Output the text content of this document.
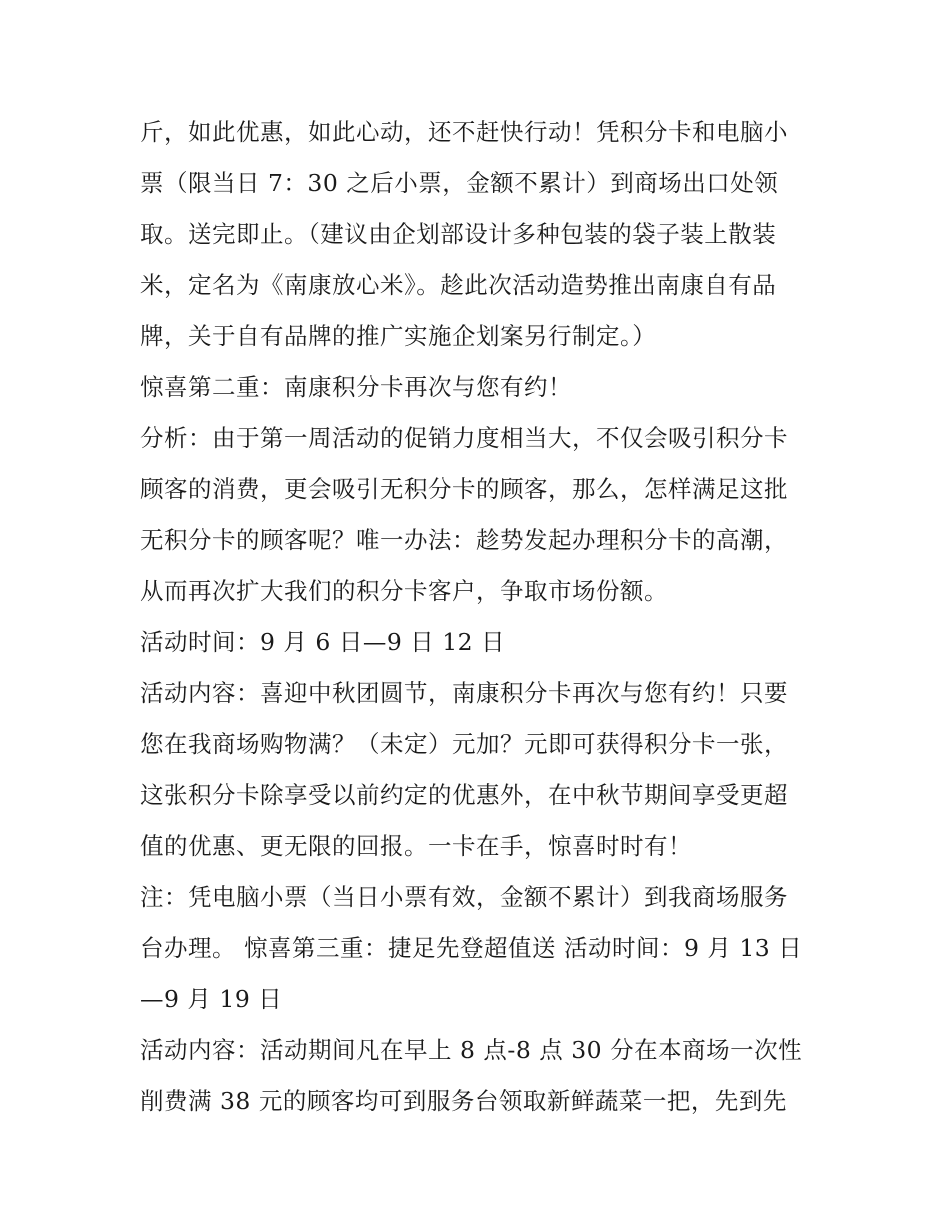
斤，如此优惠，如此心动，还不赶快行动！凭积分卡和电脑小
票（限当日 7：30 之后小票，金额不累计）到商场出口处领
取。送完即止。（建议由企划部设计多种包装的袋子装上散装
米，定名为《南康放心米》。趁此次活动造势推出南康自有品
牌，关于自有品牌的推广实施企划案另行制定。）
惊喜第二重：南康积分卡再次与您有约！
分析：由于第一周活动的促销力度相当大，不仅会吸引积分卡
顾客的消费，更会吸引无积分卡的顾客，那么，怎样满足这批
无积分卡的顾客呢？唯一办法：趁势发起办理积分卡的高潮，
从而再次扩大我们的积分卡客户，争取市场份额。
活动时间：9 月 6 日—9 日 12 日
活动内容：喜迎中秋团圆节，南康积分卡再次与您有约！只要
您在我商场购物满？（未定）元加？元即可获得积分卡一张，
这张积分卡除享受以前约定的优惠外，在中秋节期间享受更超
值的优惠、更无限的回报。一卡在手，惊喜时时有！
注：凭电脑小票（当日小票有效，金额不累计）到我商场服务
台办理。 惊喜第三重：捷足先登超值送 活动时间：9 月 13 日
—9 月 19 日
活动内容：活动期间凡在早上 8 点-8 点 30 分在本商场一次性
削费满 38 元的顾客均可到服务台领取新鲜蔬菜一把，先到先
